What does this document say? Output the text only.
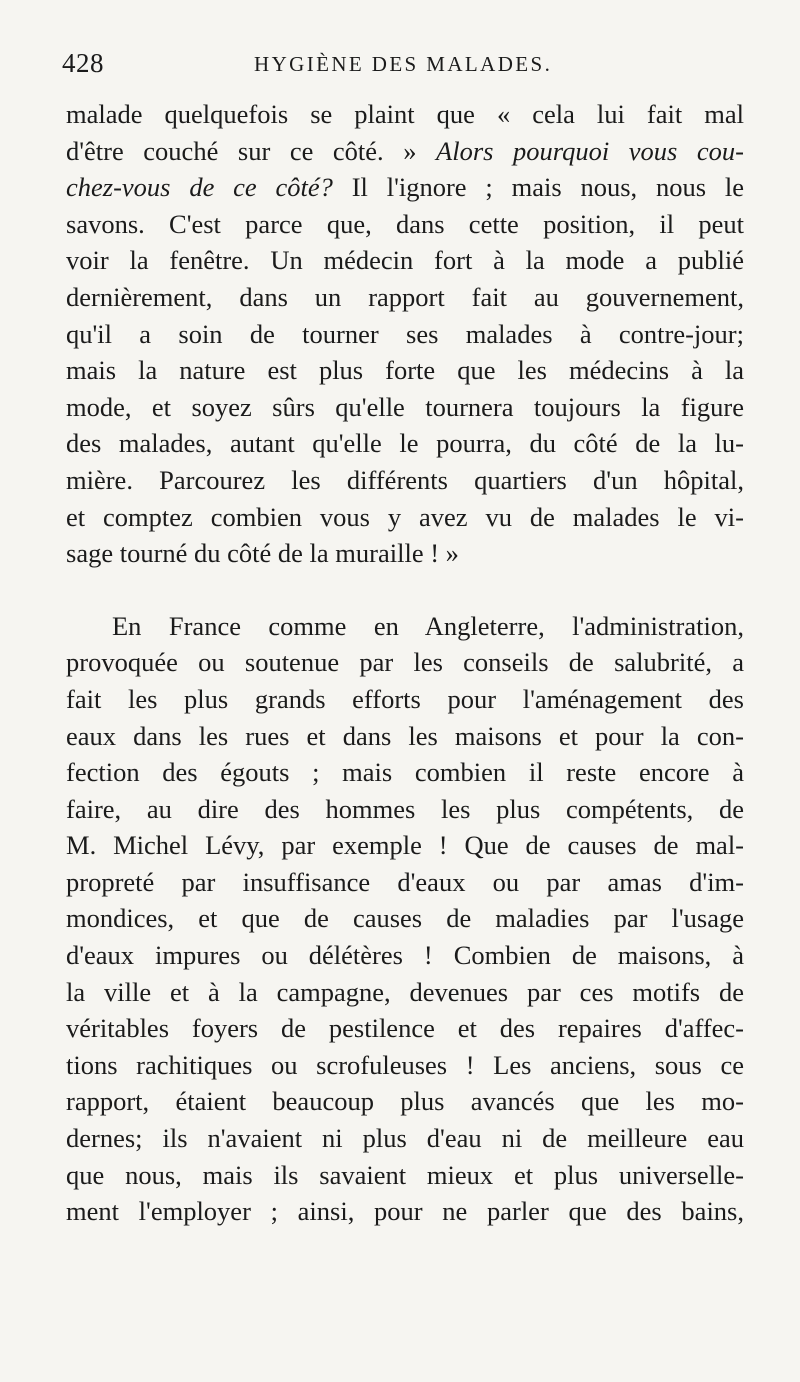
428	HYGIÈNE DES MALADES.
malade quelquefois se plaint que « cela lui fait mal
d'être couché sur ce côté. » Alors pourquoi vous cou-
chez-vous de ce côté? Il l'ignore ; mais nous, nous le
savons. C'est parce que, dans cette position, il peut
voir la fenêtre. Un médecin fort à la mode a publié
dernièrement, dans un rapport fait au gouvernement,
qu'il a soin de tourner ses malades à contre-jour;
mais la nature est plus forte que les médecins à la
mode, et soyez sûrs qu'elle tournera toujours la figure
des malades, autant qu'elle le pourra, du côté de la lu-
mière. Parcourez les différents quartiers d'un hôpital,
et comptez combien vous y avez vu de malades le vi-
sage tourné du côté de la muraille ! »
En France comme en Angleterre, l'administration,
provoquée ou soutenue par les conseils de salubrité, a
fait les plus grands efforts pour l'aménagement des
eaux dans les rues et dans les maisons et pour la con-
fection des égouts ; mais combien il reste encore à
faire, au dire des hommes les plus compétents, de
M. Michel Lévy, par exemple ! Que de causes de mal-
propreté par insuffisance d'eaux ou par amas d'im-
mondices, et que de causes de maladies par l'usage
d'eaux impures ou délétères ! Combien de maisons, à
la ville et à la campagne, devenues par ces motifs de
véritables foyers de pestilence et des repaires d'affec-
tions rachitiques ou scrofuleuses ! Les anciens, sous ce
rapport, étaient beaucoup plus avancés que les mo-
dernes; ils n'avaient ni plus d'eau ni de meilleure eau
que nous, mais ils savaient mieux et plus universelle-
ment l'employer ; ainsi, pour ne parler que des bains,
